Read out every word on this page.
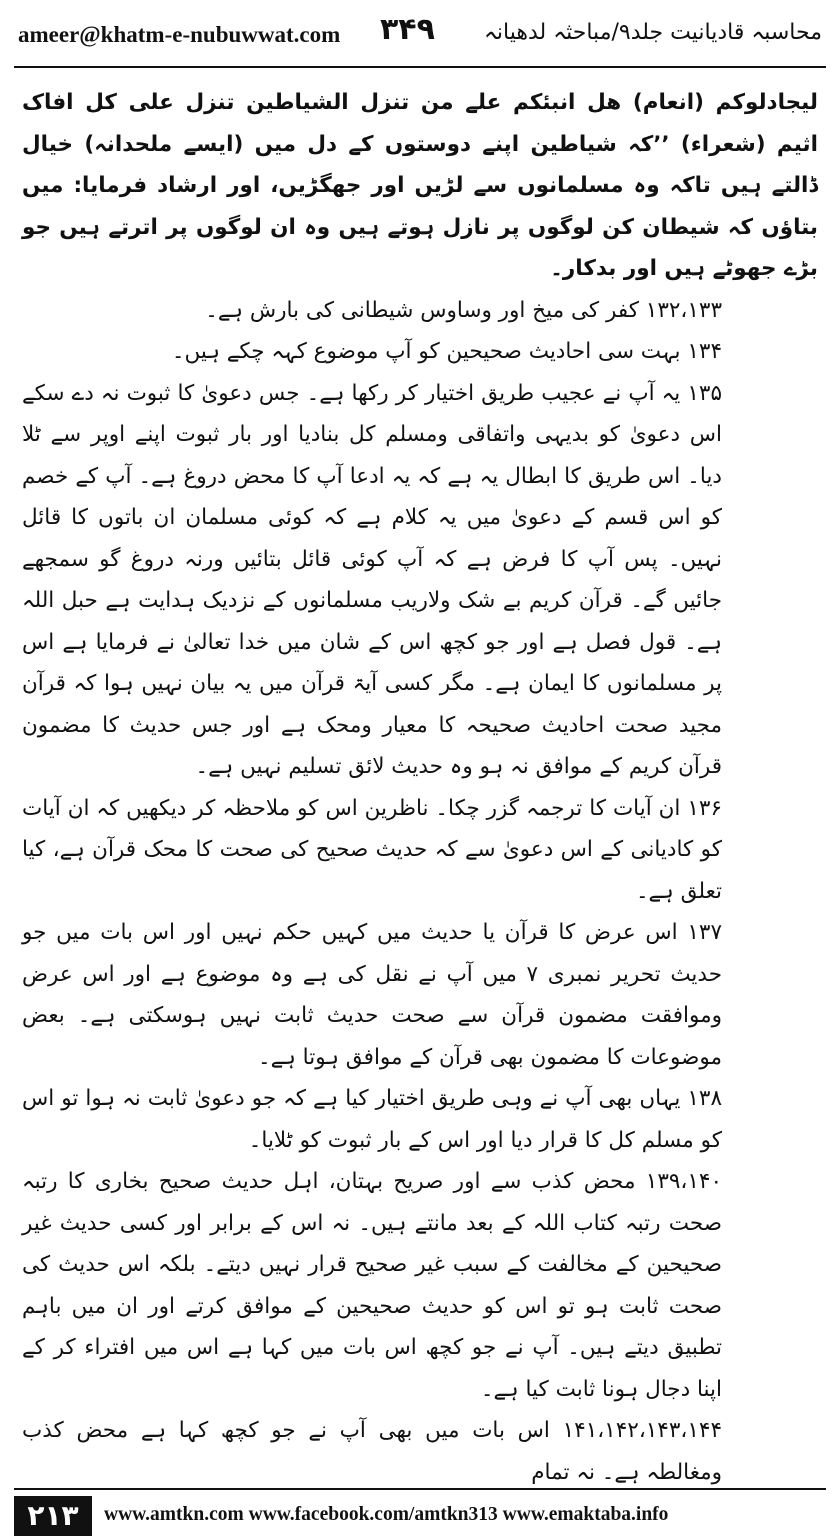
ameer@khatm-e-nubuwwat.com ۳۴۹ محاسبہ قادیانیت جلد۹/مباحثہ لدھیانہ

لیجادلوکم (انعام) ھل انبئکم علے من تنزل الشیاطین تنزل علی کل افاک اثیم (شعراء) ’’کہ شیاطین اپنے دوستوں کے دل میں (ایسے ملحدانہ) خیال ڈالتے ہیں تاکہ وہ مسلمانوں سے لڑیں اور جھگڑیں، اور ارشاد فرمایا: میں بتاؤں کہ شیطان کن لوگوں پر نازل ہوتے ہیں وہ ان لوگوں پر اترتے ہیں جو بڑے جھوٹے ہیں اور بدکار۔

۱۳۲،۱۳۳ کفر کی میخ اور وساوس شیطانی کی بارش ہے۔

۱۳۴ بہت سی احادیث صحیحین کو آپ موضوع کہہ چکے ہیں۔

۱۳۵ یہ آپ نے عجیب طریق اختیار کر رکھا ہے۔ جس دعویٰ کا ثبوت نہ دے سکے اس دعویٰ کو بدیہی واتفاقی ومسلم کل بنادیا اور بار ثبوت اپنے اوپر سے ٹلا دیا۔ اس طریق کا ابطال یہ ہے کہ یہ ادعا آپ کا محض دروغ ہے۔ آپ کے خصم کو اس قسم کے دعویٰ میں یہ کلام ہے کہ کوئی مسلمان ان باتوں کا قائل نہیں۔ پس آپ کا فرض ہے کہ آپ کوئی قائل بتائیں ورنہ دروغ گو سمجھے جائیں گے۔ قرآن کریم بے شک ولاریب مسلمانوں کے نزدیک ہدایت ہے حبل اللہ ہے۔ قول فصل ہے اور جو کچھ اس کے شان میں خدا تعالیٰ نے فرمایا ہے اس پر مسلمانوں کا ایمان ہے۔ مگر کسی آیۃ قرآن میں یہ بیان نہیں ہوا کہ قرآن مجید صحت احادیث صحیحہ کا معیار ومحک ہے اور جس حدیث کا مضمون قرآن کریم کے موافق نہ ہو وہ حدیث لائق تسلیم نہیں ہے۔

۱۳۶ ان آیات کا ترجمہ گزر چکا۔ ناظرین اس کو ملاحظہ کر دیکھیں کہ ان آیات کو کادیانی کے اس دعویٰ سے کہ حدیث صحیح کی صحت کا محک قرآن ہے، کیا تعلق ہے۔

۱۳۷ اس عرض کا قرآن یا حدیث میں کہیں حکم نہیں اور اس بات میں جو حدیث تحریر نمبری ۷ میں آپ نے نقل کی ہے وہ موضوع ہے اور اس عرض وموافقت مضمون قرآن سے صحت حدیث ثابت نہیں ہوسکتی ہے۔ بعض موضوعات کا مضمون بھی قرآن کے موافق ہوتا ہے۔

۱۳۸ یہاں بھی آپ نے وہی طریق اختیار کیا ہے کہ جو دعویٰ ثابت نہ ہوا تو اس کو مسلم کل کا قرار دیا اور اس کے بار ثبوت کو ٹلایا۔

۱۳۹،۱۴۰ محض کذب سے اور صریح بہتان، اہل حدیث صحیح بخاری کا رتبہ صحت رتبہ کتاب اللہ کے بعد مانتے ہیں۔ نہ اس کے برابر اور کسی حدیث غیر صحیحین کے مخالفت کے سبب غیر صحیح قرار نہیں دیتے۔ بلکہ اس حدیث کی صحت ثابت ہو تو اس کو حدیث صحیحین کے موافق کرتے اور ان میں باہم تطبیق دیتے ہیں۔ آپ نے جو کچھ اس بات میں کہا ہے اس میں افتراء کر کے اپنا دجال ہونا ثابت کیا ہے۔

۱۴۱،۱۴۲،۱۴۳،۱۴۴ اس بات میں بھی آپ نے جو کچھ کہا ہے محض کذب ومغالطہ ہے۔ نہ تمام

۲۱۳	www.amtkn.com www.facebook.com/amtkn313 www.emaktaba.info
